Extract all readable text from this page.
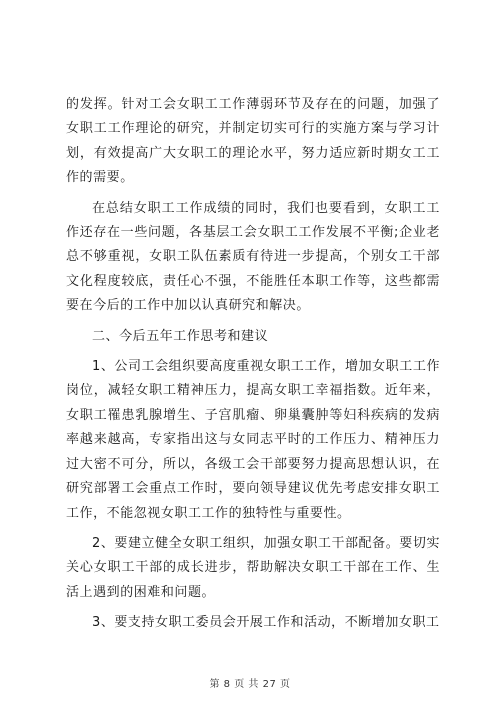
的发挥。针对工会女职工工作薄弱环节及存在的问题，加强了女职工工作理论的研究，并制定切实可行的实施方案与学习计划，有效提高广大女职工的理论水平，努力适应新时期女工工作的需要。

在总结女职工工作成绩的同时，我们也要看到，女职工工作还存在一些问题，各基层工会女职工工作发展不平衡;企业老总不够重视，女职工队伍素质有待进一步提高，个别女工干部文化程度较底，责任心不强，不能胜任本职工作等，这些都需要在今后的工作中加以认真研究和解决。

二、今后五年工作思考和建议

1、公司工会组织要高度重视女职工工作，增加女职工工作岗位，减轻女职工精神压力，提高女职工幸福指数。近年来，女职工罹患乳腺增生、子宫肌瘤、卵巢囊肿等妇科疾病的发病率越来越高，专家指出这与女同志平时的工作压力、精神压力过大密不可分，所以，各级工会干部要努力提高思想认识，在研究部署工会重点工作时，要向领导建议优先考虑安排女职工工作，不能忽视女职工工作的独特性与重要性。

2、要建立健全女职工组织，加强女职工干部配备。要切实关心女职工干部的成长进步，帮助解决女职工干部在工作、生活上遇到的困难和问题。

3、要支持女职工委员会开展工作和活动，不断增加女职工

第 8 页 共 27 页
